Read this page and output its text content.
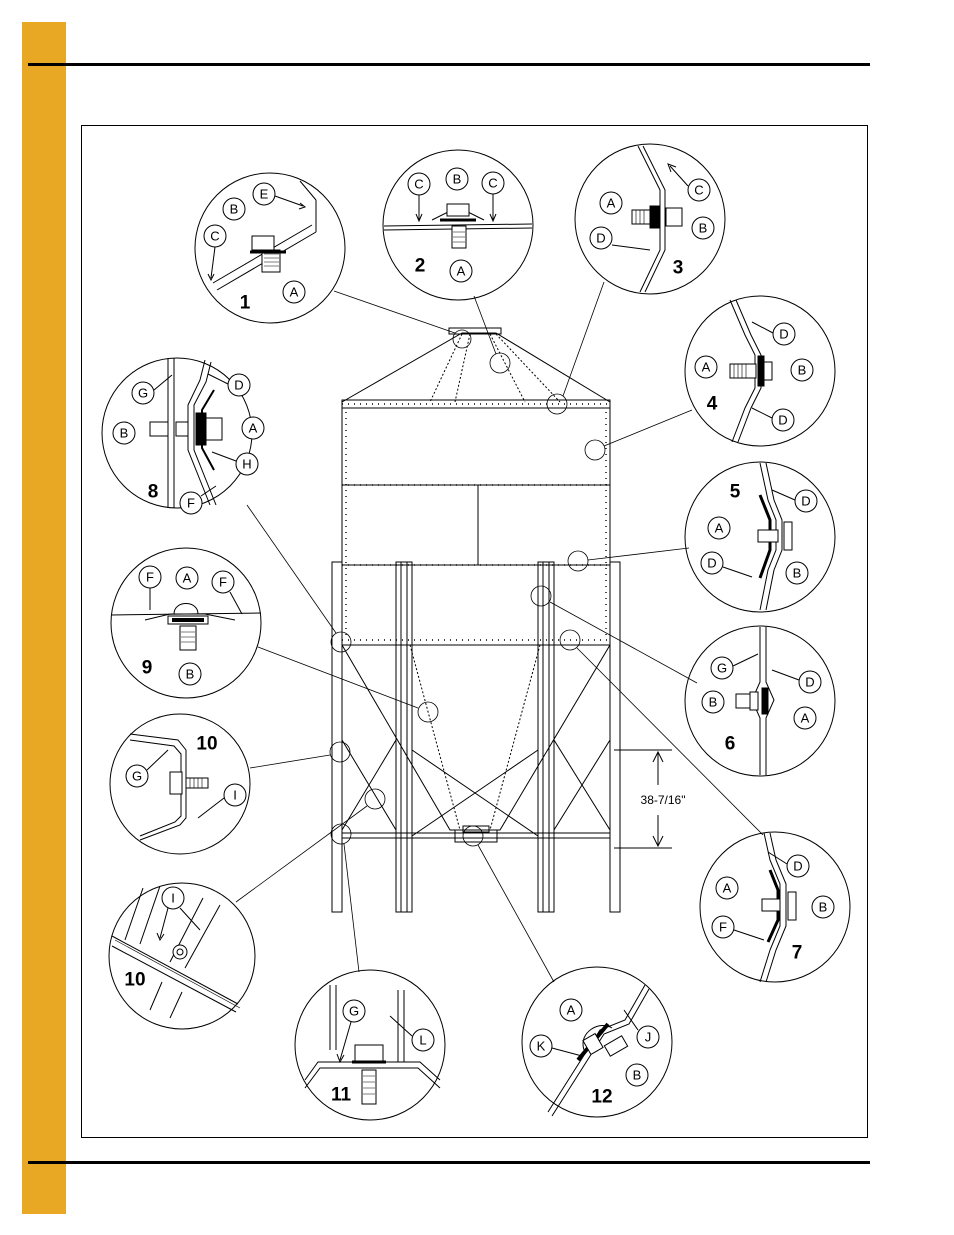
E
B
C
A
1
C B C
A
2
A
C
B
D
3
D
A	B
D
4
D
A
D
B
5
G
D
B
A
6
D
A
B
F
7
G
D
B	A
H
F
8
F A F
B
9
G
I
10
I
10
G
L
11
A
J
K
B
12
38-7/16"
